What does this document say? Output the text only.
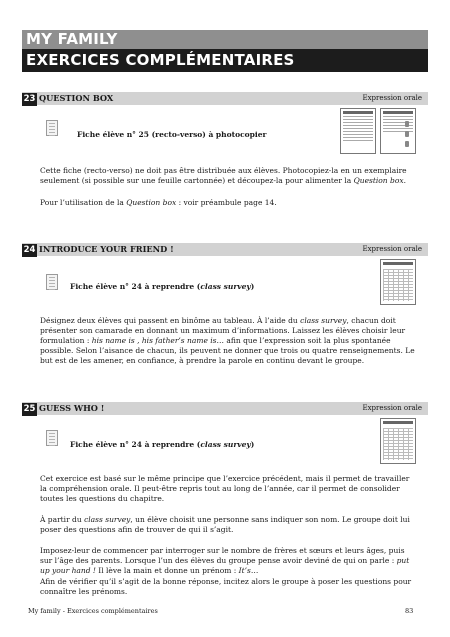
MY FAMILY
EXERCICES COMPLÉMENTAIRES
23 QUESTION BOX	Expression orale
Fiche élève n° 25 (recto-verso) à photocopier

Cette fiche (recto-verso) ne doit pas être distribuée aux élèves. Photocopiez-la en un exemplaire seulement (si possible sur une feuille cartonnée) et découpez-la pour alimenter la Question box.

Pour l’utilisation de la Question box : voir préambule page 14.

24 INTRODUCE YOUR FRIEND !	Expression orale
Fiche élève n° 24 à reprendre (class survey)

Désignez deux élèves qui passent en binôme au tableau. À l’aide du class survey, chacun doit présenter son camarade en donnant un maximum d’informations. Laissez les élèves choisir leur formulation : his name is , his father’s name is… afin que l’expression soit la plus spontanée possible. Selon l’aisance de chacun, ils peuvent ne donner que trois ou quatre renseignements. Le but est de les amener, en confiance, à prendre la parole en continu devant le groupe.

25 GUESS WHO !	Expression orale
Fiche élève n° 24 à reprendre (class survey)

Cet exercice est basé sur le même principe que l’exercice précédent, mais il permet de travailler la compréhension orale. Il peut-être repris tout au long de l’année, car il permet de consolider toutes les questions du chapitre.

À partir du class survey, un élève choisit une personne sans indiquer son nom. Le groupe doit lui poser des questions afin de trouver de qui il s’agit.

Imposez-leur de commencer par interroger sur le nombre de frères et sœurs et leurs âges, puis sur l’âge des parents. Lorsque l’un des élèves du groupe pense avoir deviné de qui on parle : put up your hand ! Il lève la main et donne un prénom : It’s…

Afin de vérifier qu’il s’agit de la bonne réponse, incitez alors le groupe à poser les questions pour connaître les prénoms.

My family - Exercices complémentaires	83
